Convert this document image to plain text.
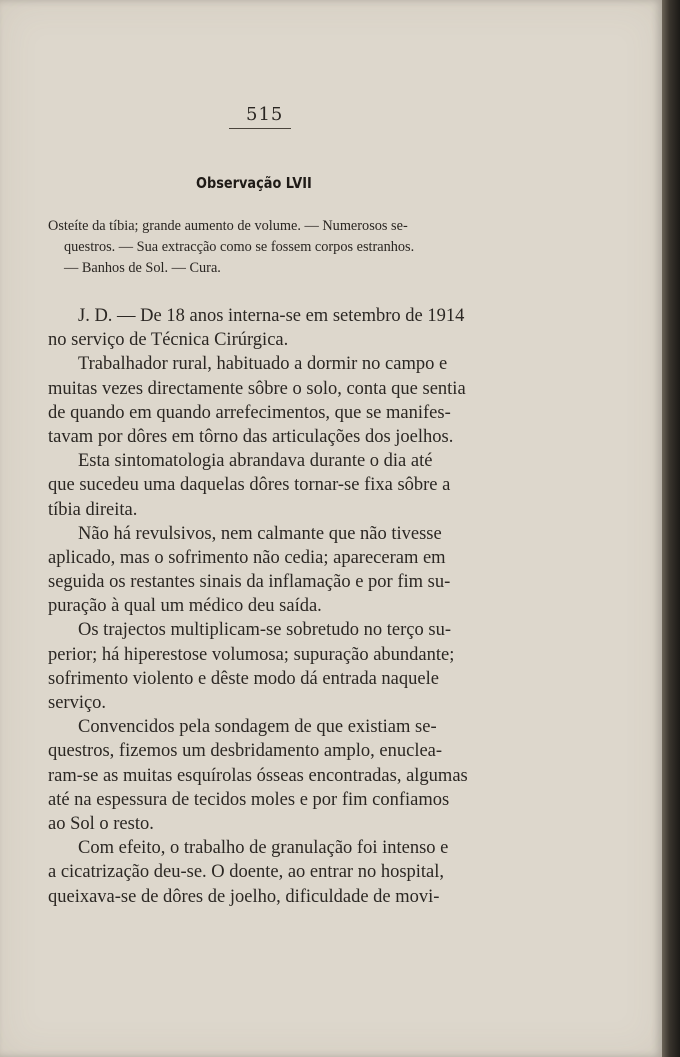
515
Observação LVII
Osteíte da tíbia; grande aumento de volume. — Numerosos se-
questros. — Sua extracção como se fossem corpos estranhos.
— Banhos de Sol. — Cura.
J. D. — De 18 anos interna-se em setembro de 1914
no serviço de Técnica Cirúrgica.
Trabalhador rural, habituado a dormir no campo e
muitas vezes directamente sôbre o solo, conta que sentia
de quando em quando arrefecimentos, que se manifes-
tavam por dôres em tôrno das articulações dos joelhos.
Esta sintomatologia abrandava durante o dia até
que sucedeu uma daquelas dôres tornar-se fixa sôbre a
tíbia direita.
Não há revulsivos, nem calmante que não tivesse
aplicado, mas o sofrimento não cedia; apareceram em
seguida os restantes sinais da inflamação e por fim su-
puração à qual um médico deu saída.
Os trajectos multiplicam-se sobretudo no terço su-
perior; há hiperestose volumosa; supuração abundante;
sofrimento violento e dêste modo dá entrada naquele
serviço.
Convencidos pela sondagem de que existiam se-
questros, fizemos um desbridamento amplo, enuclea-
ram-se as muitas esquírolas ósseas encontradas, algumas
até na espessura de tecidos moles e por fim confiamos
ao Sol o resto.
Com efeito, o trabalho de granulação foi intenso e
a cicatrização deu-se. O doente, ao entrar no hospital,
queixava-se de dôres de joelho, dificuldade de movi-
